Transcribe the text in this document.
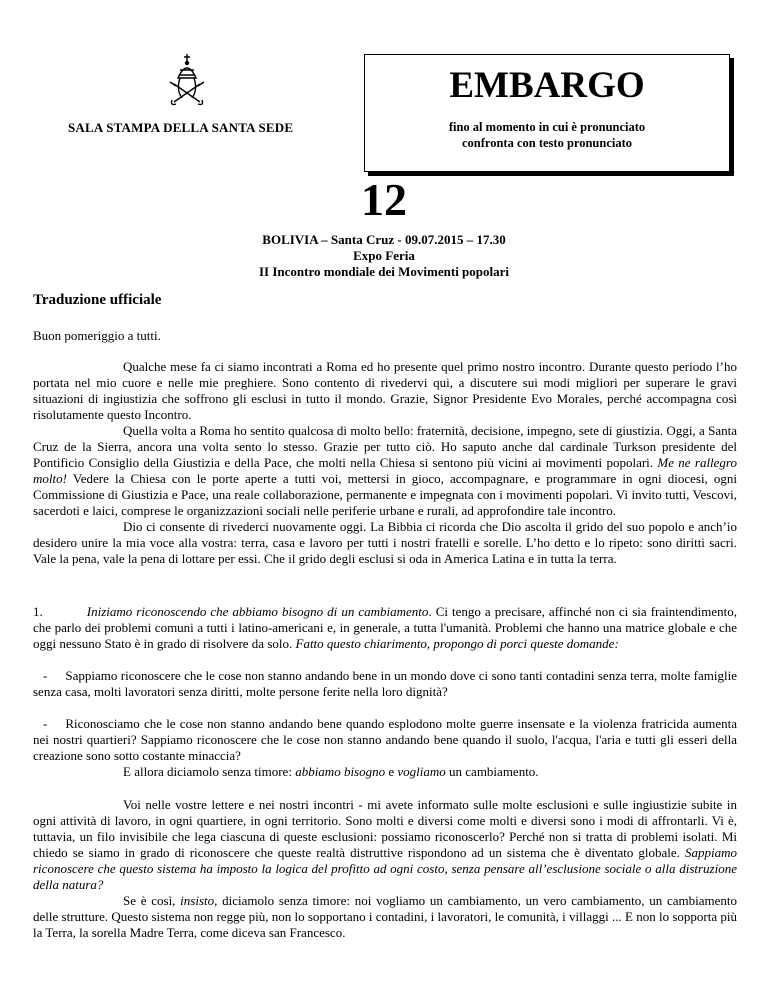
SALA STAMPA DELLA SANTA SEDE
EMBARGO
fino al momento in cui è pronunciato
confronta con testo pronunciato
12
BOLIVIA – Santa Cruz - 09.07.2015 – 17.30
Expo Feria
II Incontro mondiale dei Movimenti popolari
Traduzione ufficiale

Buon pomeriggio a tutti.

Qualche mese fa ci siamo incontrati a Roma ed ho presente quel primo nostro incontro. Durante questo periodo l’ho portata nel mio cuore e nelle mie preghiere. Sono contento di rivedervi qui, a discutere sui modi migliori per superare le gravi situazioni di ingiustizia che soffrono gli esclusi in tutto il mondo. Grazie, Signor Presidente Evo Morales, perché accompagna così risolutamente questo Incontro.

Quella volta a Roma ho sentito qualcosa di molto bello: fraternità, decisione, impegno, sete di giustizia. Oggi, a Santa Cruz de la Sierra, ancora una volta sento lo stesso. Grazie per tutto ciò. Ho saputo anche dal cardinale Turkson presidente del Pontificio Consiglio della Giustizia e della Pace, che molti nella Chiesa si sentono più vicini ai movimenti popolari. Me ne rallegro molto! Vedere la Chiesa con le porte aperte a tutti voi, mettersi in gioco, accompagnare, e programmare in ogni diocesi, ogni Commissione di Giustizia e Pace, una reale collaborazione, permanente e impegnata con i movimenti popolari. Vi invito tutti, Vescovi, sacerdoti e laici, comprese le organizzazioni sociali nelle periferie urbane e rurali, ad approfondire tale incontro.

Dio ci consente di rivederci nuovamente oggi. La Bibbia ci ricorda che Dio ascolta il grido del suo popolo e anch’io desidero unire la mia voce alla vostra: terra, casa e lavoro per tutti i nostri fratelli e sorelle. L’ho detto e lo ripeto: sono diritti sacri. Vale la pena, vale la pena di lottare per essi. Che il grido degli esclusi si oda in America Latina e in tutta la terra.

1.	Iniziamo riconoscendo che abbiamo bisogno di un cambiamento. Ci tengo a precisare, affinché non ci sia fraintendimento, che parlo dei problemi comuni a tutti i latino-americani e, in generale, a tutta l'umanità. Problemi che hanno una matrice globale e che oggi nessuno Stato è in grado di risolvere da solo. Fatto questo chiarimento, propongo di porci queste domande:

- Sappiamo riconoscere che le cose non stanno andando bene in un mondo dove ci sono tanti contadini senza terra, molte famiglie senza casa, molti lavoratori senza diritti, molte persone ferite nella loro dignità?

- Riconosciamo che le cose non stanno andando bene quando esplodono molte guerre insensate e la violenza fratricida aumenta nei nostri quartieri? Sappiamo riconoscere che le cose non stanno andando bene quando il suolo, l'acqua, l'aria e tutti gli esseri della creazione sono sotto costante minaccia?

E allora diciamolo senza timore: abbiamo bisogno e vogliamo un cambiamento.

Voi nelle vostre lettere e nei nostri incontri - mi avete informato sulle molte esclusioni e sulle ingiustizie subite in ogni attività di lavoro, in ogni quartiere, in ogni territorio. Sono molti e diversi come molti e diversi sono i modi di affrontarli. Vi è, tuttavia, un filo invisibile che lega ciascuna di queste esclusioni: possiamo riconoscerlo? Perché non si tratta di problemi isolati. Mi chiedo se siamo in grado di riconoscere che queste realtà distruttive rispondono ad un sistema che è diventato globale. Sappiamo riconoscere che questo sistema ha imposto la logica del profitto ad ogni costo, senza pensare all’esclusione sociale o alla distruzione della natura?

Se è così, insisto, diciamolo senza timore: noi vogliamo un cambiamento, un vero cambiamento, un cambiamento delle strutture. Questo sistema non regge più, non lo sopportano i contadini, i lavoratori, le comunità, i villaggi ... E non lo sopporta più la Terra, la sorella Madre Terra, come diceva san Francesco.
